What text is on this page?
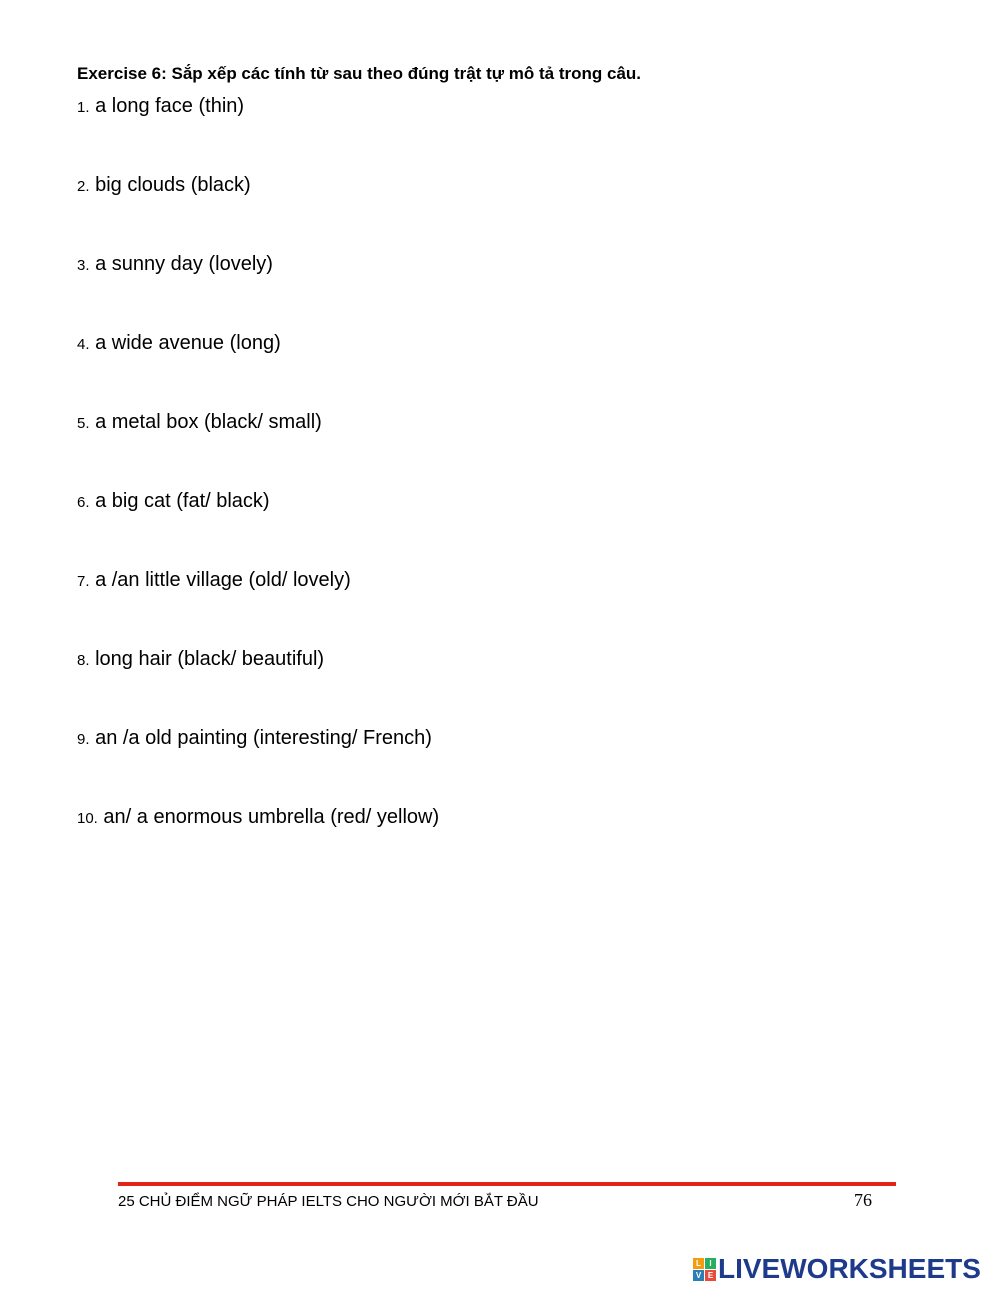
Exercise 6: Sắp xếp các tính từ sau theo đúng trật tự mô tả trong câu.
1. a long face (thin)
2. big clouds (black)
3. a sunny day (lovely)
4. a wide avenue (long)
5. a metal box (black/ small)
6. a big cat (fat/ black)
7. a /an little village (old/ lovely)
8. long hair (black/ beautiful)
9. an /a old painting (interesting/ French)
10. an/ a enormous umbrella (red/ yellow)
25 CHỦ ĐIỂM NGỮ PHÁP IELTS CHO NGƯỜI MỚI BẮT ĐẦU	76
L	I
V E LIVEWORKSHEETS
